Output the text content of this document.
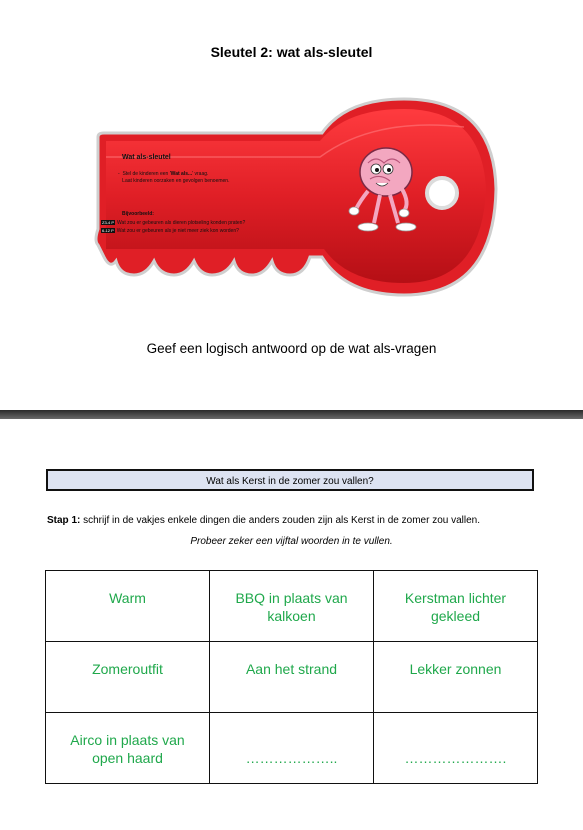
Sleutel 2: wat als-sleutel
Wat als-sleutel
-  Stel de kinderen een 'Wat als...' vraag.
Laat kinderen oorzaken en gevolgen benoemen.
Bijvoorbeeld:
Z3-4 P Wat zou er gebeuren als dieren plotseling konden praten?
6-12 P Wat zou er gebeuren als je niet meer ziek kon worden?
Geef een logisch antwoord op de wat als-vragen
Wat als Kerst in de zomer zou vallen?
Stap 1: schrijf in de vakjes enkele dingen die anders zouden zijn als Kerst in de zomer zou vallen.
Probeer zeker een vijftal woorden in te vullen.
Warm	BBQ in plaats van kalkoen	Kerstman lichter gekleed
Zomeroutfit	Aan het strand	Lekker zonnen
Airco in plaats van open haard	………………..	………………….
